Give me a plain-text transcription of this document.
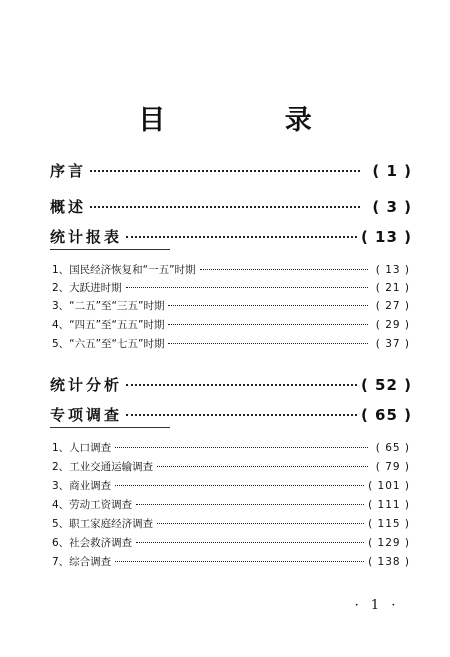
目 录
序言	( 1 )
概述	( 3 )
统计报表	( 13 )
1、国民经济恢复和“一五”时期	( 13 )
2、大跃进时期	( 21 )
3、“二五”至“三五”时期	( 27 )
4、“四五”至“五五”时期	( 29 )
5、“六五”至“七五”时期	( 37 )
统计分析	( 52 )
专项调查	( 65 )
1、人口调查	( 65 )
2、工业交通运输调查	( 79 )
3、商业调查	( 101 )
4、劳动工资调查	( 111 )
5、职工家庭经济调查	( 115 )
6、社会救济调查	( 129 )
7、综合调查	( 138 )
· 1 ·
